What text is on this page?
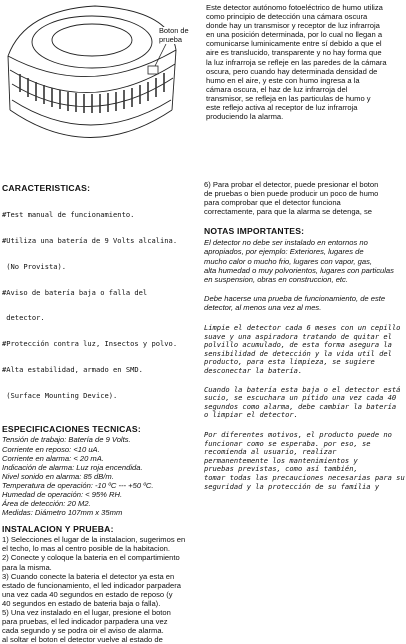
Boton de prueba
Este detector autónomo fotoeléctrico de humo utiliza
como principio de detección una cámara oscura
donde hay un transmisor y receptor de luz infrarroja
en una posición determinada, por lo cual no llegan a
comunicarse luminicamente entre sí debido a que el
aire es translucido, transparente y no hay forma que
la luz infrarroja se refleje en las paredes de la cámara
oscura, pero cuando hay determinada densidad de
humo en el aire, y este con humo ingresa a la
cámara oscura, el haz de luz infrarroja del
transmisor, se refleja en las particulas de humo y
este reflejo activa al receptor de luz infrarroja
produciendo la alarma.
CARACTERISTICAS:

#Test manual de funcionamiento.

#Utiliza una batería de 9 Volts alcalina.

(No Provista).

#Aviso de batería baja o falla del

detector.

#Protección contra luz, Insectos y polvo.

#Alta estabilidad, armado en SMD.

(Surface Mounting Device).

ESPECIFICACIONES TECNICAS:
Tensión de trabajo: Batería de 9 Volts.
Corriente en reposo: <10 uA.
Corriente en alarma: < 20 mA.
Indicación de alarma: Luz roja encendida.
Nivel sonido en alarma: 85 dB/m.
Temperatura de operación: -10 ºC --- +50 ºC.
Humedad de operación: < 95% RH.
Área de detección: 20 M2.
Medidas: Diámetro 107mm x 35mm
INSTALACION Y PRUEBA:
1) Selecciones el lugar de la instalacion, sugerimos en
el techo, lo mas al centro posible de la habitacion.
2) Conecte y coloque la bateria en el compartimiento
para la misma.
3) Cuando conecte la bateria el detector ya esta en
estado de funcionamiento, el led indicador parpadera
una vez cada 40 segundos en estado de reposo (y
40 segundos en estado de bateria baja o falla).
5) Una vez instalado en el lugar, presione el boton
para pruebas, el led indicador parpadera una vez
cada segundo y se podra oir el aviso de alarma.
al soltar el boton el detector vuelve al estado de
6) Para probar el detector, puede presionar el boton
de pruebas o bien puede producir un poco de humo
para comprobar que el detector funciona
correctamente, para que la alarma se detenga, se
NOTAS IMPORTANTES:
El detector no debe ser instalado en entornos no
apropiados, por ejemplo: Exteriores, lugares de
mucho calor o mucho frio, lugares con vapor, gas,
alta humedad o muy polvorientos, lugares con particulas
en suspension, obras en construccion, etc.
Debe hacerse una prueba de funcionamiento, de este
detector, al menos una vez al mes.
Limpie el detector cada 6 meses con un cepillo
suave y una aspiradora tratando de quitar el
polvillo acumulado, de esta forma asegura la
sensibilidad de detección y la vida util del
producto, para esta limpieza, se sugiere
desconectar la batería.
Cuando la batería esta baja o el detector está
sucio, se escuchara un pitido una vez cada 40
segundos como alarma, debe cambiar la batería
o limpiar el detector.
Por diferentes motivos, el producto puede no
funcionar como se esperaba. por eso, se
recomienda al usuario, realizar
permanentemente los mantenimientos y
pruebas previstas, como así también,
tomar todas las precauciones necesarias para su
seguridad y la protección de su familia y
